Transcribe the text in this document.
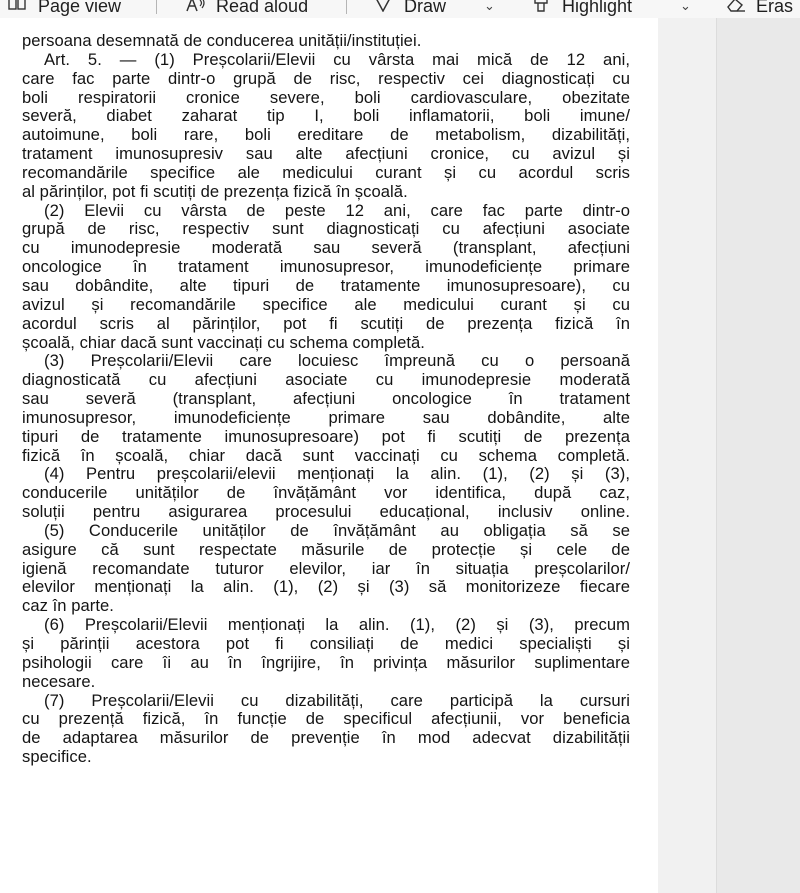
Page view	Read aloud	Draw	⌄	Highlight	⌄	Eras
persoana desemnată de conducerea unității/instituției.
Art. 5. — (1) Preșcolarii/Elevii cu vârsta mai mică de 12 ani,
care fac parte dintr-o grupă de risc, respectiv cei diagnosticați cu
boli respiratorii cronice severe, boli cardiovasculare, obezitate
severă, diabet zaharat tip I, boli inflamatorii, boli imune/
autoimune, boli rare, boli ereditare de metabolism, dizabilități,
tratament imunosupresiv sau alte afecțiuni cronice, cu avizul și
recomandările specifice ale medicului curant și cu acordul scris
al părinților, pot fi scutiți de prezența fizică în școală.
(2) Elevii cu vârsta de peste 12 ani, care fac parte dintr-o
grupă de risc, respectiv sunt diagnosticați cu afecțiuni asociate
cu imunodepresie moderată sau severă (transplant, afecțiuni
oncologice în tratament imunosupresor, imunodeficiențe primare
sau dobândite, alte tipuri de tratamente imunosupresoare), cu
avizul și recomandările specifice ale medicului curant și cu
acordul scris al părinților, pot fi scutiți de prezența fizică în
școală, chiar dacă sunt vaccinați cu schema completă.
(3) Preșcolarii/Elevii care locuiesc împreună cu o persoană
diagnosticată cu afecțiuni asociate cu imunodepresie moderată
sau severă (transplant, afecțiuni oncologice în tratament
imunosupresor, imunodeficiențe primare sau dobândite, alte
tipuri de tratamente imunosupresoare) pot fi scutiți de prezența
fizică în școală, chiar dacă sunt vaccinați cu schema completă.
(4) Pentru preșcolarii/elevii menționați la alin. (1), (2) și (3),
conducerile unităților de învățământ vor identifica, după caz,
soluții pentru asigurarea procesului educațional, inclusiv online.
(5) Conducerile unităților de învățământ au obligația să se
asigure că sunt respectate măsurile de protecție și cele de
igienă recomandate tuturor elevilor, iar în situația preșcolarilor/
elevilor menționați la alin. (1), (2) și (3) să monitorizeze fiecare
caz în parte.
(6) Preșcolarii/Elevii menționați la alin. (1), (2) și (3), precum
și părinții acestora pot fi consiliați de medici specialiști și
psihologii care îi au în îngrijire, în privința măsurilor suplimentare
necesare.
(7) Preșcolarii/Elevii cu dizabilități, care participă la cursuri
cu prezență fizică, în funcție de specificul afecțiunii, vor beneficia
de adaptarea măsurilor de prevenție în mod adecvat dizabilității
specifice.
